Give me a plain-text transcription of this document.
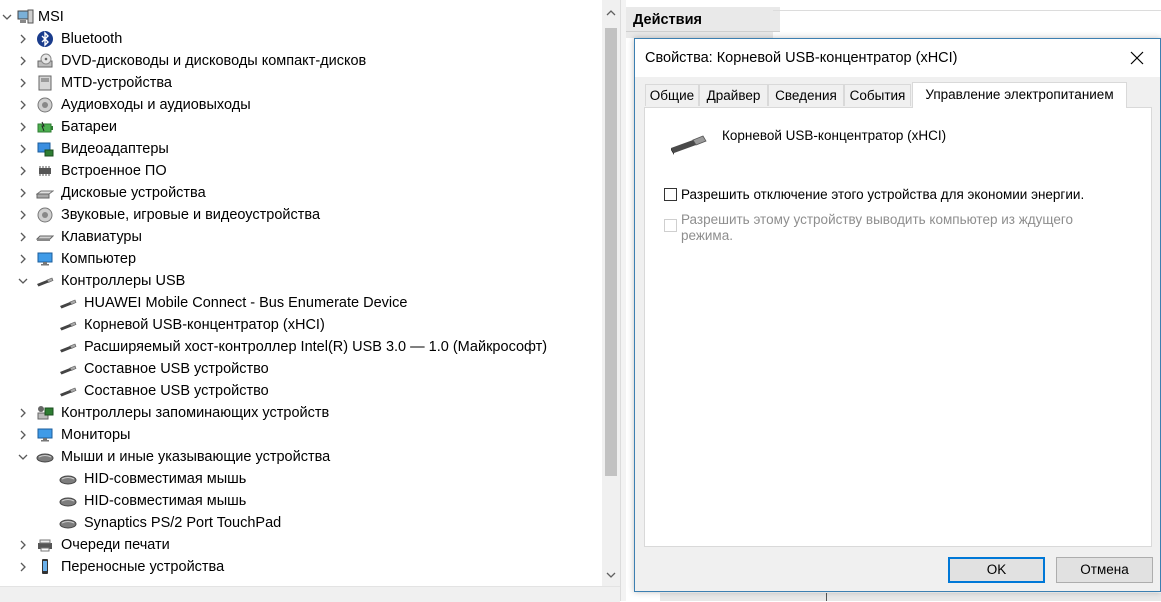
MSI
Bluetooth
DVD-дисководы и дисководы компакт-дисков
MTD-устройства
Аудиовходы и аудиовыходы
Батареи
Видеоадаптеры
Встроенное ПО
Дисковые устройства
Звуковые, игровые и видеоустройства
Клавиатуры
Компьютер
Контроллеры USB
HUAWEI Mobile Connect - Bus Enumerate Device
Корневой USB-концентратор (xHCI)
Расширяемый хост-контроллер Intel(R) USB 3.0 — 1.0 (Майкрософт)
Составное USB устройство
Составное USB устройство
Контроллеры запоминающих устройств
Мониторы
Мыши и иные указывающие устройства
HID-совместимая мышь
HID-совместимая мышь
Synaptics PS/2 Port TouchPad
Очереди печати
Переносные устройства
Действия
Свойства: Корневой USB-концентратор (xHCI)
Общие Драйвер	Сведения События	Управление электропитанием
Корневой USB-концентратор (xHCI)
Разрешить отключение этого устройства для экономии энергии.
Разрешить этому устройству выводить компьютер из ждущего режима.
OK	Отмена
